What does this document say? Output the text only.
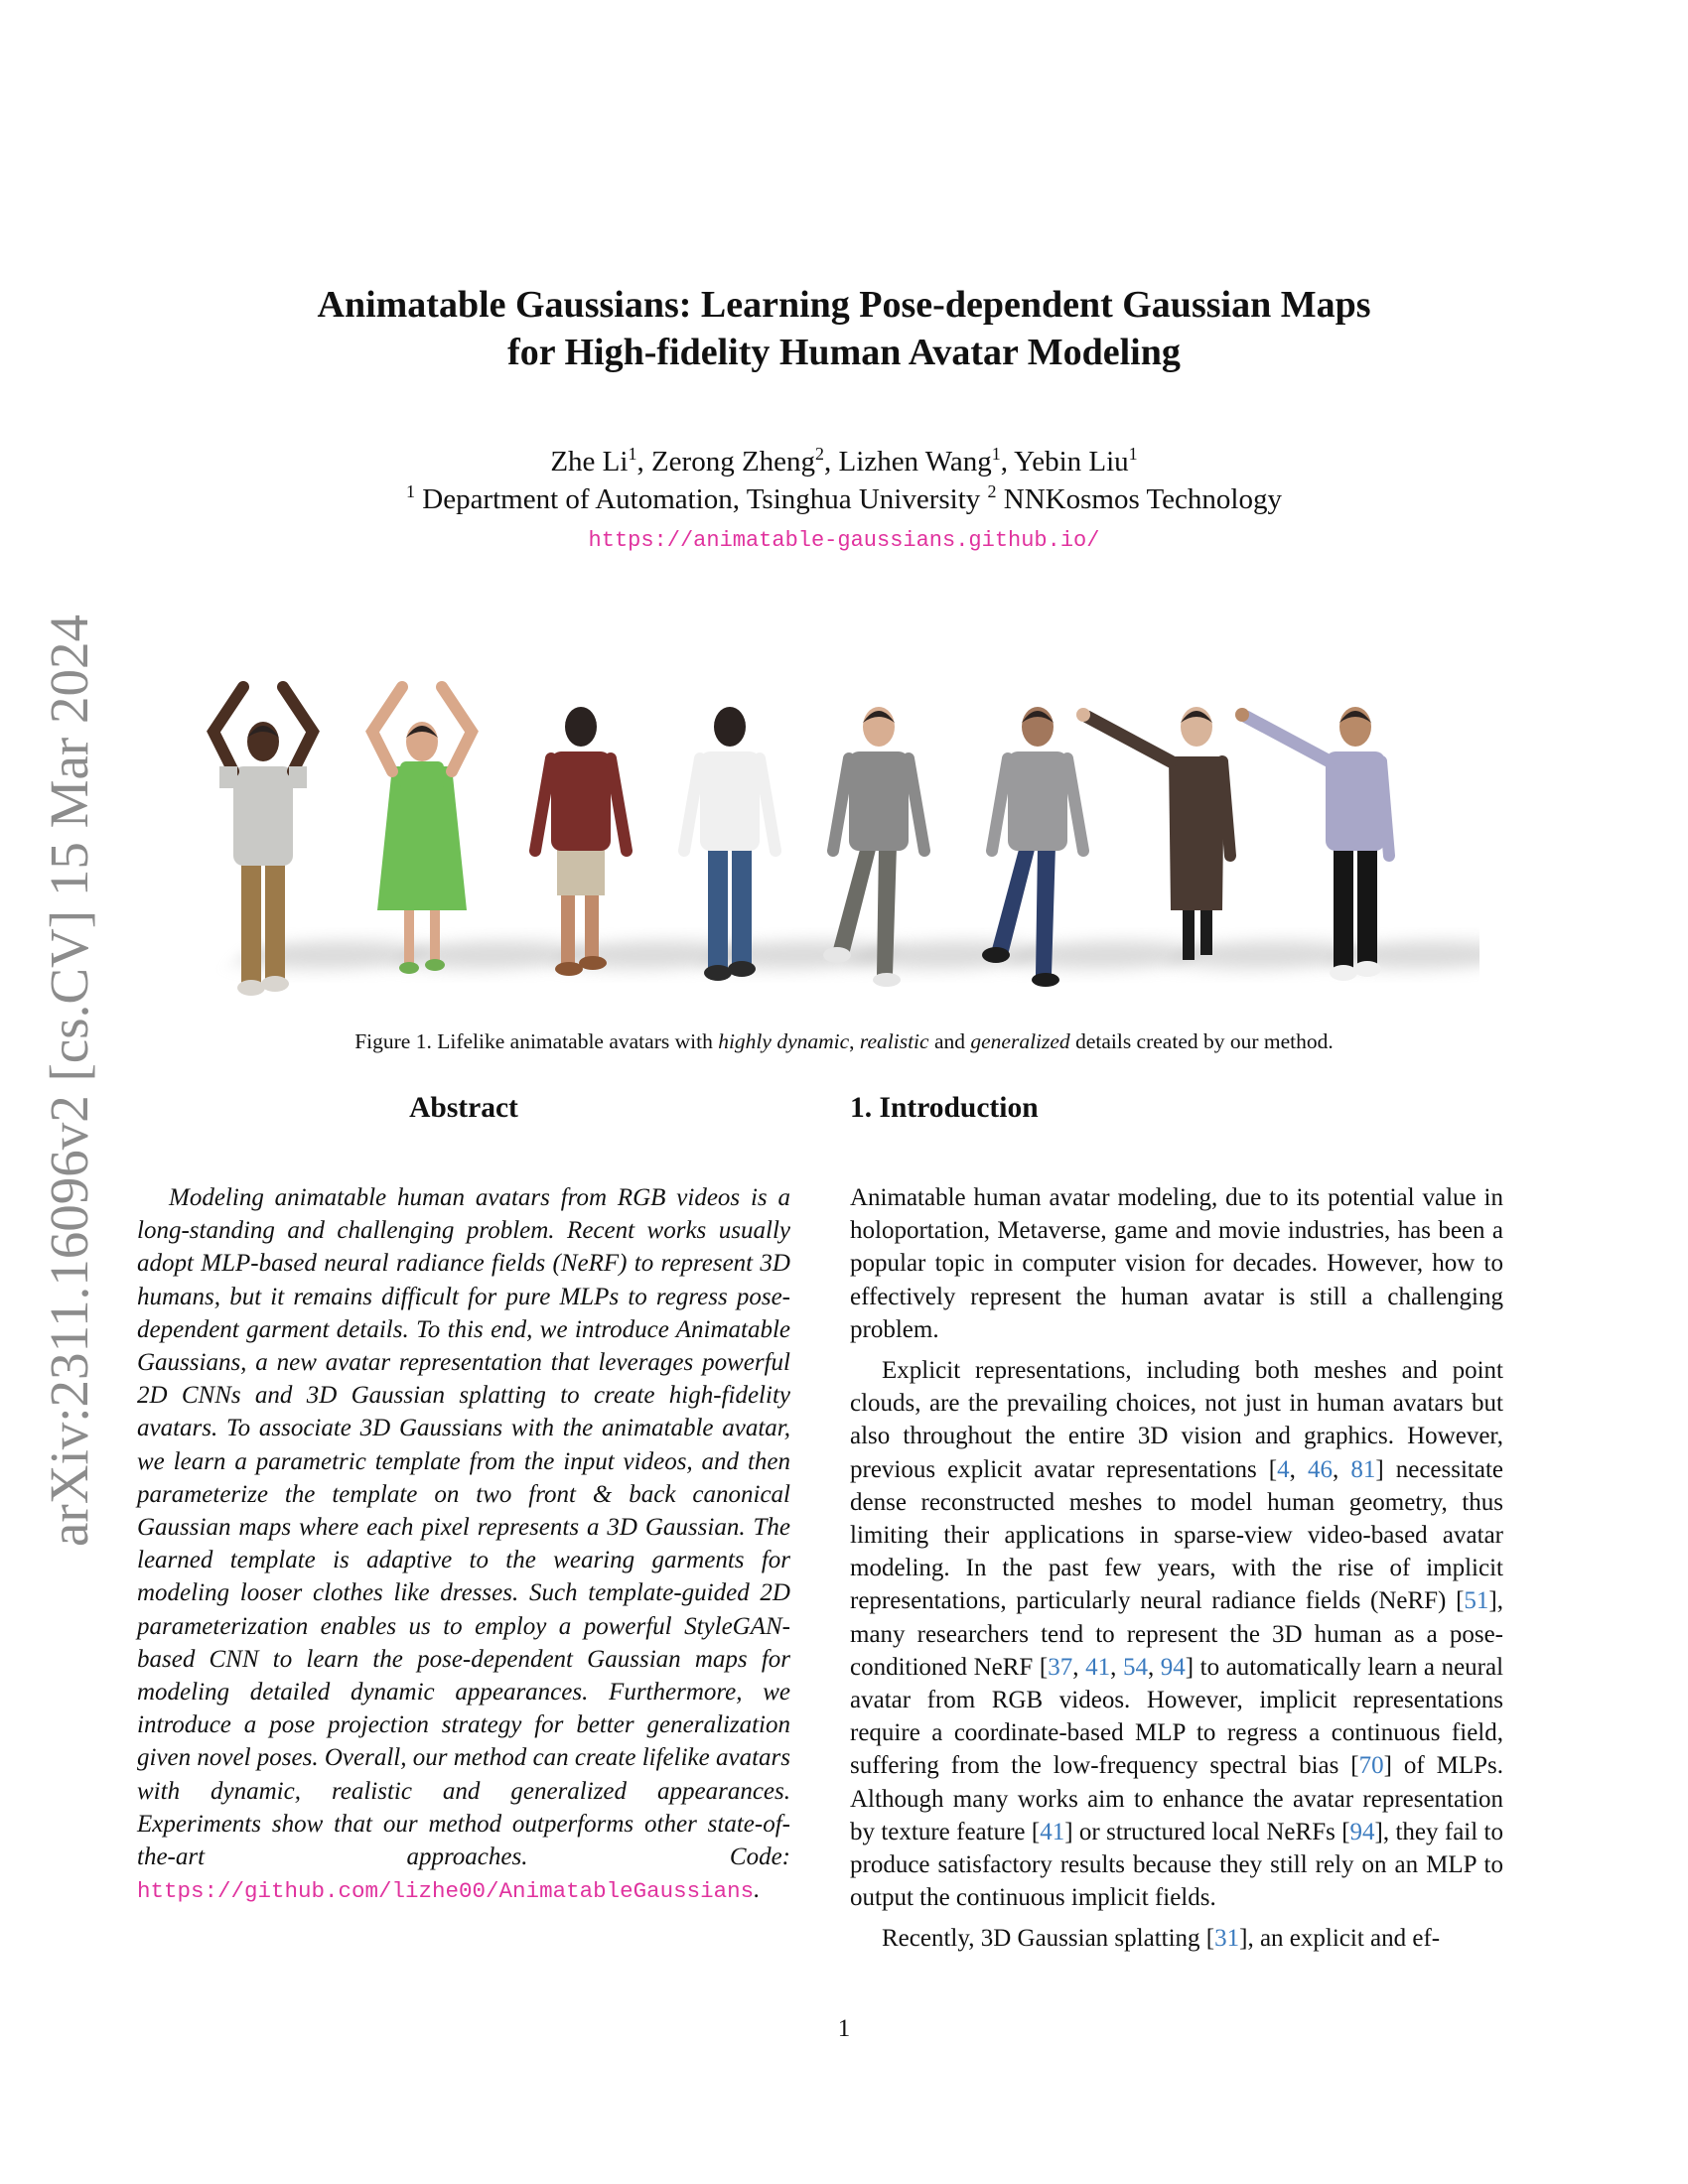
arXiv:2311.16096v2 [cs.CV] 15 Mar 2024
Animatable Gaussians: Learning Pose-dependent Gaussian Maps
for High-fidelity Human Avatar Modeling
Zhe Li$^1$, Zerong Zheng$^2$, Lizhen Wang$^1$, Yebin Liu$^1$
$^1$ Department of Automation, Tsinghua University $^2$ NNKosmos Technology
https://animatable-gaussians.github.io/
Figure 1. Lifelike animatable avatars with highly dynamic, realistic and generalized details created by our method.
Abstract
Modeling animatable human avatars from RGB videos is a long-standing and challenging problem. Recent works usually adopt MLP-based neural radiance fields (NeRF) to represent 3D humans, but it remains difficult for pure MLPs to regress pose-dependent garment details. To this end, we introduce Animatable Gaussians, a new avatar representation that leverages powerful 2D CNNs and 3D Gaussian splatting to create high-fidelity avatars. To associate 3D Gaussians with the animatable avatar, we learn a parametric template from the input videos, and then parameterize the template on two front & back canonical Gaussian maps where each pixel represents a 3D Gaussian. The learned template is adaptive to the wearing garments for modeling looser clothes like dresses. Such template-guided 2D parameterization enables us to employ a powerful StyleGAN-based CNN to learn the pose-dependent Gaussian maps for modeling detailed dynamic appearances. Furthermore, we introduce a pose projection strategy for better generalization given novel poses. Overall, our method can create lifelike avatars with dynamic, realistic and generalized appearances. Experiments show that our method outperforms other state-of-the-art approaches. Code: https://github.com/lizhe00/AnimatableGaussians.
1. Introduction
Animatable human avatar modeling, due to its potential value in holoportation, Metaverse, game and movie industries, has been a popular topic in computer vision for decades. However, how to effectively represent the human avatar is still a challenging problem.
Explicit representations, including both meshes and point clouds, are the prevailing choices, not just in human avatars but also throughout the entire 3D vision and graphics. However, previous explicit avatar representations [4, 46, 81] necessitate dense reconstructed meshes to model human geometry, thus limiting their applications in sparse-view video-based avatar modeling. In the past few years, with the rise of implicit representations, particularly neural radiance fields (NeRF) [51], many researchers tend to represent the 3D human as a pose-conditioned NeRF [37, 41, 54, 94] to automatically learn a neural avatar from RGB videos. However, implicit representations require a coordinate-based MLP to regress a continuous field, suffering from the low-frequency spectral bias [70] of MLPs. Although many works aim to enhance the avatar representation by texture feature [41] or structured local NeRFs [94], they fail to produce satisfactory results because they still rely on an MLP to output the continuous implicit fields.
Recently, 3D Gaussian splatting [31], an explicit and ef-
1
